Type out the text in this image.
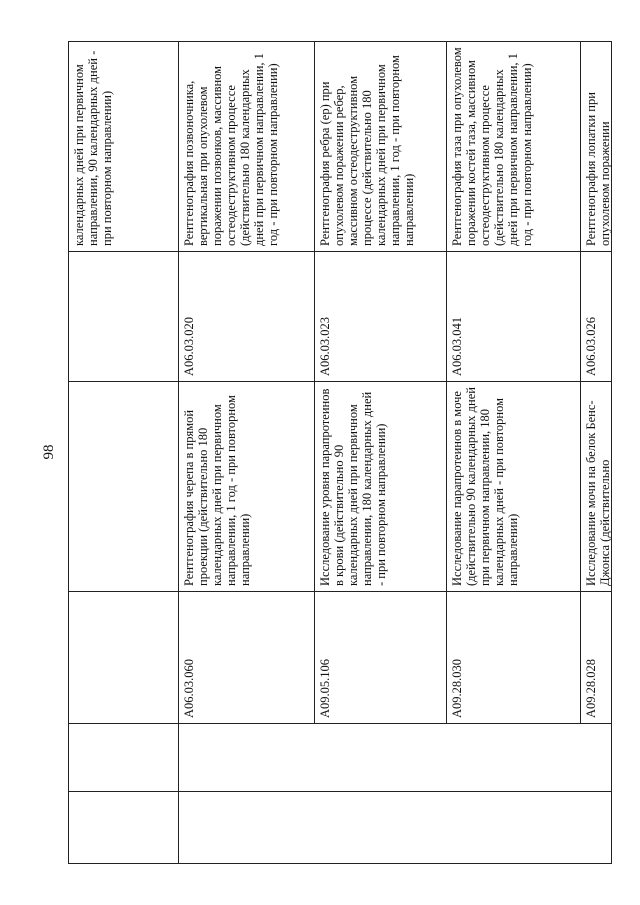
98

					календарных дней при первичном направлении, 90 календарных дней - при повторном направлении)

		A06.03.060	Рентгенография черепа в прямой проекции (действительно 180 календарных дней при первичном направлении, 1 год - при повторном направлении)	A06.03.020	Рентгенография позвоночника, вертикальная при опухолевом поражении позвонков, массивном остеодеструктивном процессе (действительно 180 календарных дней при первичном направлении, 1 год - при повторном направлении)
		A09.05.106	Исследование уровня парапротеинов в крови (действительно 90 календарных дней при первичном направлении, 180 календарных дней - при повторном направлении)	A06.03.023	Рентгенография ребра (ер) при опухолевом поражении ребер, массивном остеодеструктивном процессе (действительно 180 календарных дней при первичном направлении, 1 год - при повторном направлении)
		A09.28.030	Исследование парапротеинов в моче (действительно 90 календарных дней при первичном направлении, 180 календарных дней - при повторном направлении)	A06.03.041	Рентгенография таза при опухолевом поражении костей таза, массивном остеодеструктивном процессе (действительно 180 календарных дней при первичном направлении, 1 год - при повторном направлении)

		A09.28.028	Исследование мочи на белок Бенс-Джонса (действительно	A06.03.026	Рентгенография лопатки при опухолевом поражении
